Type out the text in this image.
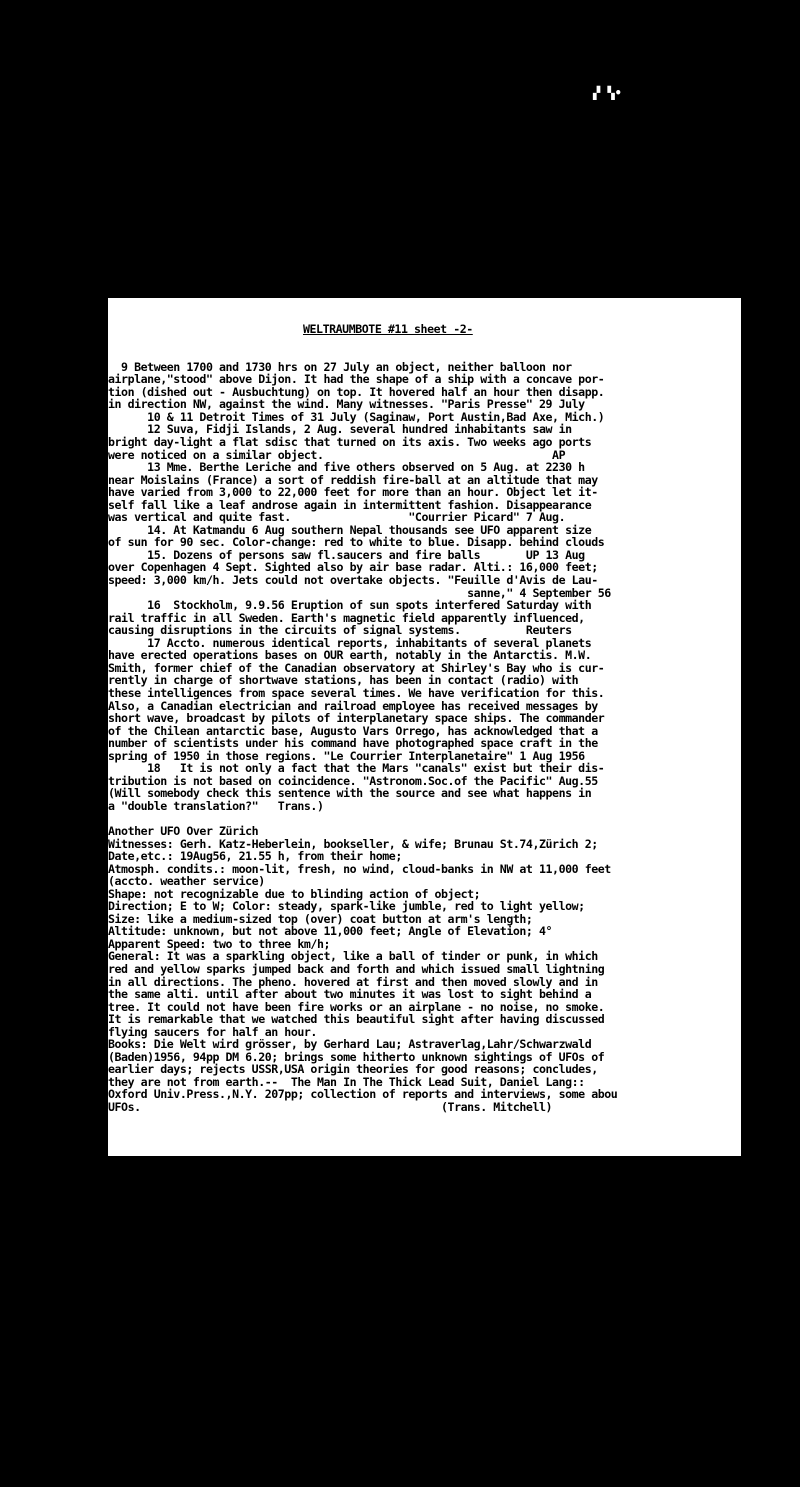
▞ ▚•

WELTRAUMBOTE #11 sheet -2-

9 Between 1700 and 1730 hrs on 27 July an object, neither balloon nor
airplane,"stood" above Dijon. It had the shape of a ship with a concave por-
tion (dished out - Ausbuchtung) on top. It hovered half an hour then disapp.
in direction NW, against the wind. Many witnesses. "Paris Presse" 29 July
10 & 11 Detroit Times of 31 July (Saginaw, Port Austin,Bad Axe, Mich.)
12 Suva, Fidji Islands, 2 Aug. several hundred inhabitants saw in
bright day-light a flat sdisc that turned on its axis. Two weeks ago ports
were noticed on a similar object.                                   AP
13 Mme. Berthe Leriche and five others observed on 5 Aug. at 2230 h
near Moislains (France) a sort of reddish fire-ball at an altitude that may
have varied from 3,000 to 22,000 feet for more than an hour. Object let it-
self fall like a leaf androse again in intermittent fashion. Disappearance
was vertical and quite fast.                  "Courrier Picard" 7 Aug.
14. At Katmandu 6 Aug southern Nepal thousands see UFO apparent size
of sun for 90 sec. Color-change: red to white to blue. Disapp. behind clouds
15. Dozens of persons saw fl.saucers and fire balls       UP 13 Aug
over Copenhagen 4 Sept. Sighted also by air base radar. Alti.: 16,000 feet;
speed: 3,000 km/h. Jets could not overtake objects. "Feuille d'Avis de Lau-
sanne," 4 September 56
16  Stockholm, 9.9.56 Eruption of sun spots interfered Saturday with
rail traffic in all Sweden. Earth's magnetic field apparently influenced,
causing disruptions in the circuits of signal systems.          Reuters
17 Accto. numerous identical reports, inhabitants of several planets
have erected operations bases on OUR earth, notably in the Antarctis. M.W.
Smith, former chief of the Canadian observatory at Shirley's Bay who is cur-
rently in charge of shortwave stations, has been in contact (radio) with
these intelligences from space several times. We have verification for this.
Also, a Canadian electrician and railroad employee has received messages by
short wave, broadcast by pilots of interplanetary space ships. The commander
of the Chilean antarctic base, Augusto Vars Orrego, has acknowledged that a
number of scientists under his command have photographed space craft in the
spring of 1950 in those regions. "Le Courrier Interplanetaire" 1 Aug 1956
18   It is not only a fact that the Mars "canals" exist but their dis-
tribution is not based on coincidence. "Astronom.Soc.of the Pacific" Aug.55
(Will somebody check this sentence with the source and see what happens in
a "double translation?"   Trans.)
Another UFO Over Zürich
Witnesses: Gerh. Katz-Heberlein, bookseller, & wife; Brunau St.74,Zürich 2;
Date,etc.: 19Aug56, 21.55 h, from their home;
Atmosph. condits.: moon-lit, fresh, no wind, cloud-banks in NW at 11,000 feet
(accto. weather service)
Shape: not recognizable due to blinding action of object;
Direction; E to W; Color: steady, spark-like jumble, red to light yellow;
Size: like a medium-sized top (over) coat button at arm's length;
Altitude: unknown, but not above 11,000 feet; Angle of Elevation; 4°
Apparent Speed: two to three km/h;
General: It was a sparkling object, like a ball of tinder or punk, in which
red and yellow sparks jumped back and forth and which issued small lightning
in all directions. The pheno. hovered at first and then moved slowly and in
the same alti. until after about two minutes it was lost to sight behind a
tree. It could not have been fire works or an airplane - no noise, no smoke.
It is remarkable that we watched this beautiful sight after having discussed
flying saucers for half an hour.
Books: Die Welt wird grösser, by Gerhard Lau; Astraverlag,Lahr/Schwarzwald
(Baden)1956, 94pp DM 6.20; brings some hitherto unknown sightings of UFOs of
earlier days; rejects USSR,USA origin theories for good reasons; concludes,
they are not from earth.--  The Man In The Thick Lead Suit, Daniel Lang::
Oxford Univ.Press.,N.Y. 207pp; collection of reports and interviews, some abou
UFOs.                                              (Trans. Mitchell)
▮ ▜
▮ ▛
▮ ▜
▮ ▛
▮ ▜
▮ ▛
▮ ▜
▮ ▛
▮ ▜
▮ ▛
▮ ▜
▮ ▛
▮ ▜
▮ ▛
▮ ▜
▮ ▛
▮ ▜
▮ ▛
▮ ▜
▮ ▛
